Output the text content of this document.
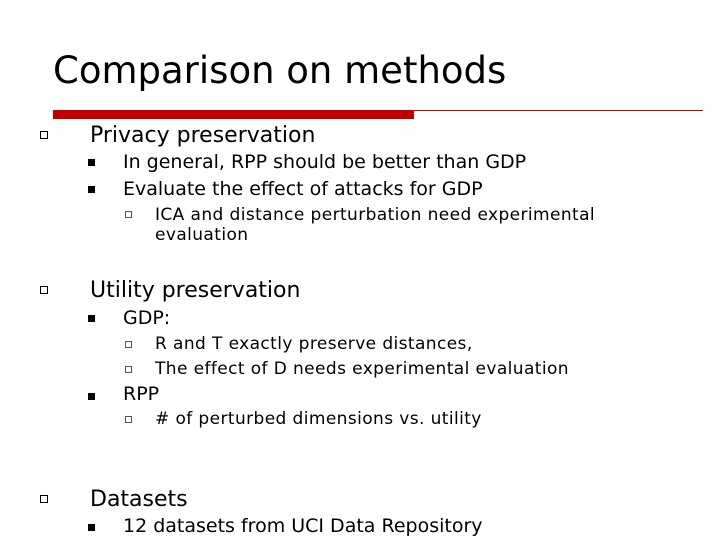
Comparison on methods
Privacy preservation
In general, RPP should be better than GDP
Evaluate the effect of attacks for GDP
ICA and distance perturbation need experimental
evaluation
Utility preservation
GDP:
R and T exactly preserve distances,
The effect of D needs experimental evaluation
RPP
# of perturbed dimensions vs. utility
Datasets
12 datasets from UCI Data Repository
